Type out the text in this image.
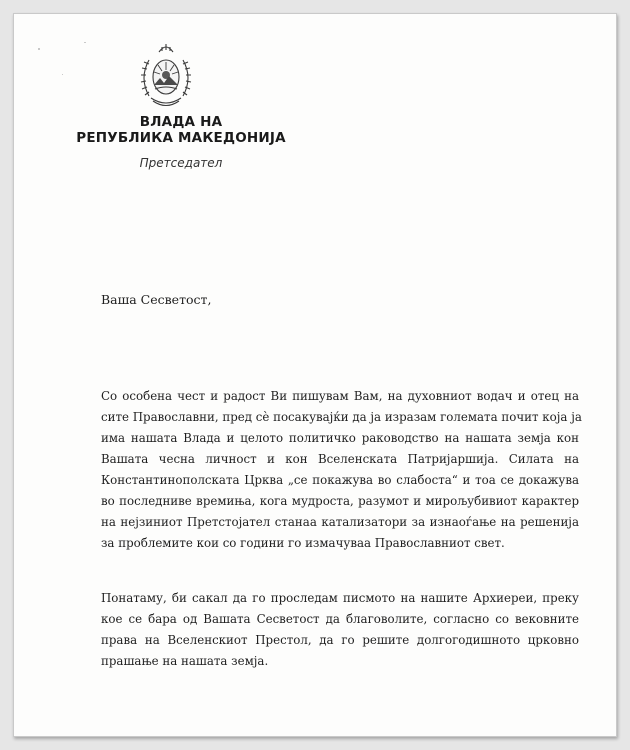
ВЛАДА НА
РЕПУБЛИКА МАКЕДОНИЈА
Претседател
Ваша Сесветост,
Со особена чест и радост Ви пишувам Вам, на духовниот водач и отец на
сите Православни, пред сè посакувајќи да ја изразам големата почит која ја
има нашата Влада и целото политичко раководство на нашата земја кон
Вашата чесна личност и кон Вселенската Патријаршија. Силата на
Константинополската Црква „се покажува во слабоста“ и тоа се докажува
во последниве времиња, кога мудроста, разумот и мирољубивиот карактер
на нејзиниот Претстојател станаа катализатори за изнаоѓање на решенија
за проблемите кои со години го измачуваа Православниот свет.
Понатаму, би сакал да го проследам писмото на нашите Архиереи, преку
кое се бара од Вашата Сесветост да благоволите, согласно со вековните
права на Вселенскиот Престол, да го решите долгогодишното црковно
прашање на нашата земја.
